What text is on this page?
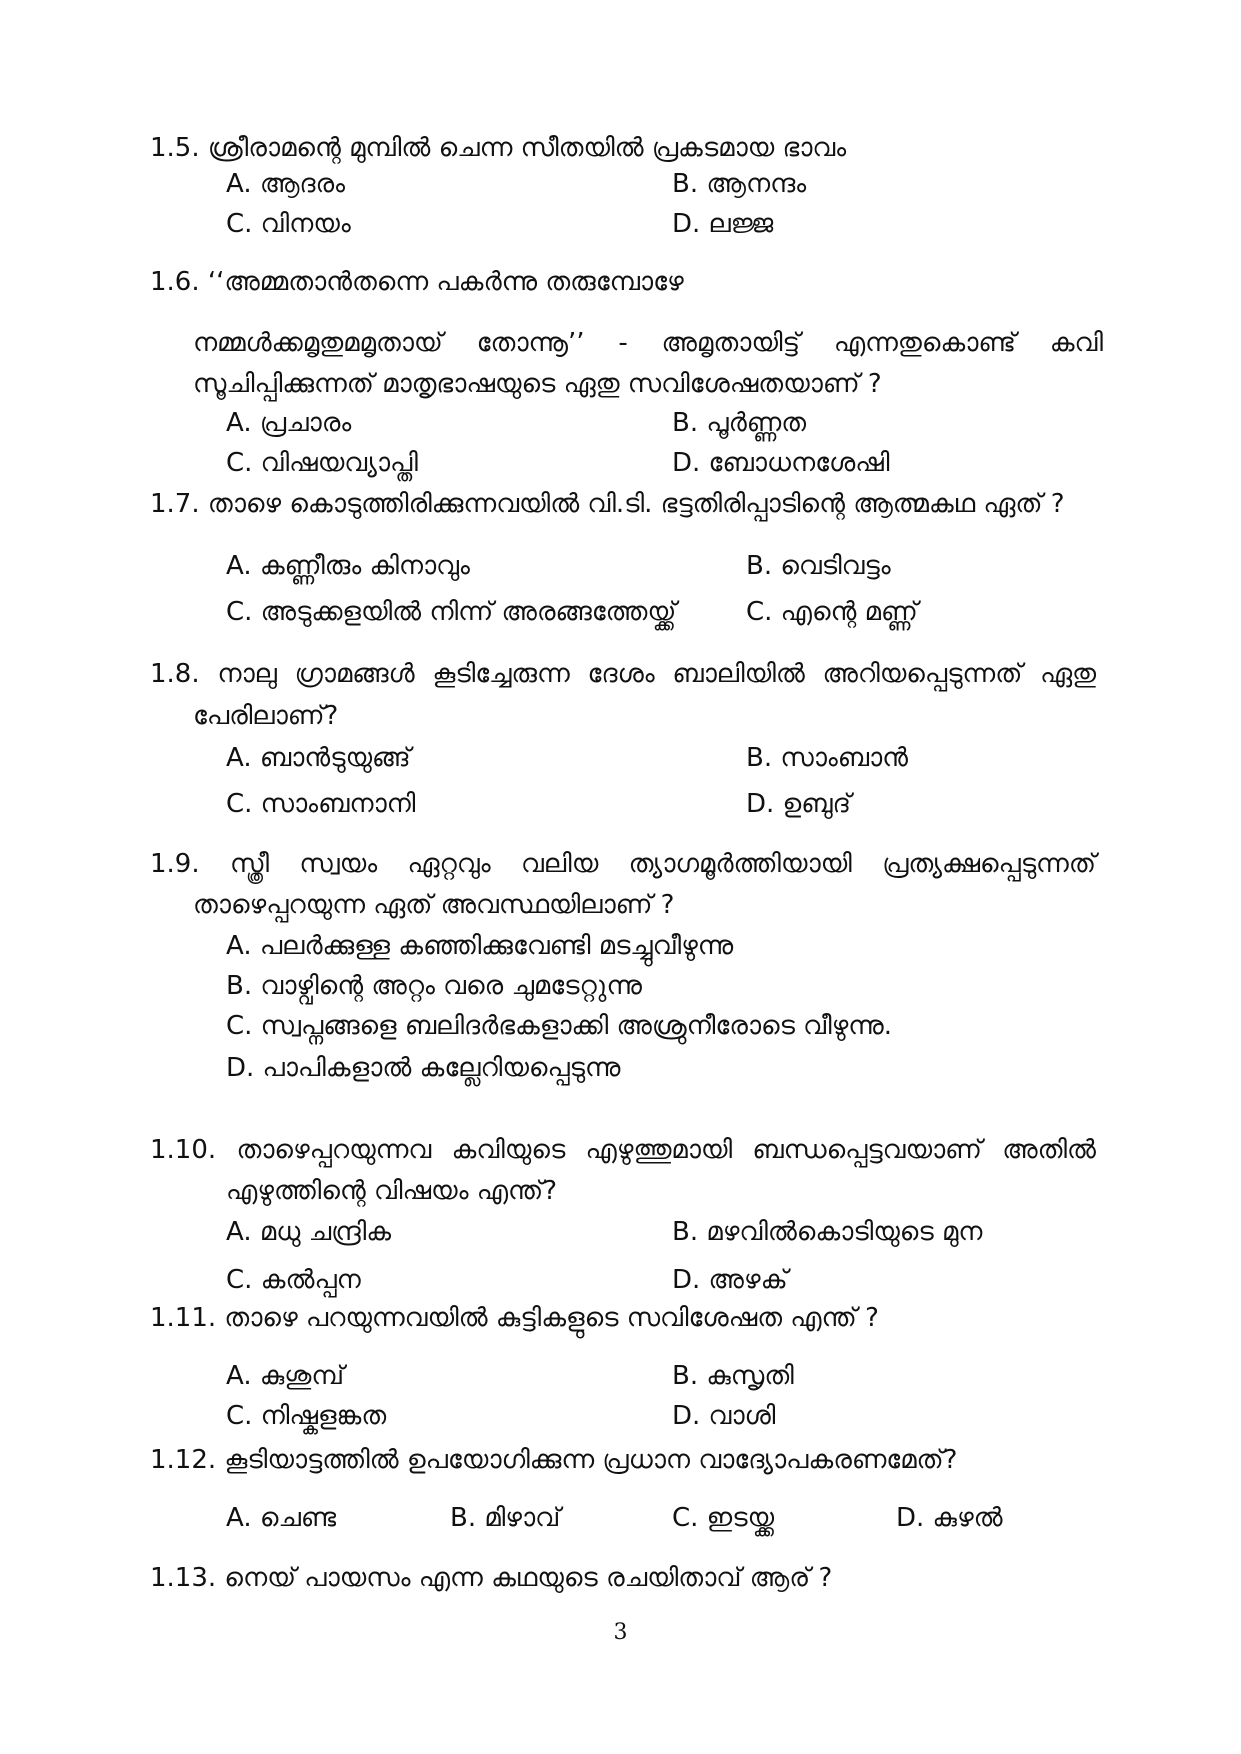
1.5. ശ്രീരാമന്റെ മുമ്പിൽ ചെന്ന സീതയിൽ പ്രകടമായ ഭാവം
A. ആദരം	B. ആനന്ദം
C. വിനയം	D. ലജ്ജ
1.6. ‘‘അമ്മതാൻതന്നെ പകർന്നു തരുമ്പോഴേ
നമ്മൾക്കമൃതുമമൃതായ് തോന്നൂ’’ - അമൃതായിട്ട് എന്നതുകൊണ്ട് കവി
സൂചിപ്പിക്കുന്നത് മാതൃഭാഷയുടെ ഏതു സവിശേഷതയാണ് ?
A. പ്രചാരം	B. പൂർണ്ണത
C. വിഷയവ്യാപ്തി	D. ബോധനശേഷി
1.7. താഴെ കൊടുത്തിരിക്കുന്നവയിൽ വി.ടി. ഭട്ടതിരിപ്പാടിന്റെ ആത്മകഥ ഏത് ?
A. കണ്ണീരും കിനാവും	B. വെടിവട്ടം
C. അടുക്കളയിൽ നിന്ന് അരങ്ങത്തേയ്ക്ക്	C. എന്റെ മണ്ണ്
1.8. നാലു ഗ്രാമങ്ങൾ കൂടിച്ചേരുന്ന ദേശം ബാലിയിൽ അറിയപ്പെടുന്നത് ഏതു
പേരിലാണ്?
A. ബാൻടുയുങ്ങ്	B. സാംബാൻ
C. സാംബനാനി	D. ഉബുദ്
1.9. സ്ത്രീ സ്വയം ഏറ്റവും വലിയ ത്യാഗമൂർത്തിയായി പ്രത്യക്ഷപ്പെടുന്നത്
താഴെപ്പറയുന്ന ഏത് അവസ്ഥയിലാണ് ?
A. പലർക്കുള്ള കഞ്ഞിക്കുവേണ്ടി മടച്ചുവീഴുന്നു
B. വാഴ്വിന്റെ അറ്റം വരെ ചുമടേറ്റുന്നു
C. സ്വപ്നങ്ങളെ ബലിദർഭകളാക്കി അശ്രുനീരോടെ വീഴുന്നു.
D. പാപികളാൽ കല്ലേറിയപ്പെടുന്നു
1.10. താഴെപ്പറയുന്നവ കവിയുടെ എഴുത്തുമായി ബന്ധപ്പെട്ടവയാണ് അതിൽ
എഴുത്തിന്റെ വിഷയം എന്ത്?
A. മധു ചന്ദ്രിക	B. മഴവിൽകൊടിയുടെ മുന
C. കൽപ്പന	D. അഴക്
1.11. താഴെ പറയുന്നവയിൽ കുട്ടികളുടെ സവിശേഷത എന്ത് ?
A. കുശുമ്പ്	B. കുസൃതി
C. നിഷ്കളങ്കത	D. വാശി
1.12. കൂടിയാട്ടത്തിൽ ഉപയോഗിക്കുന്ന പ്രധാന വാദ്യോപകരണമേത്?
A. ചെണ്ട	B. മിഴാവ്	C. ഇടയ്ക്ക	D. കുഴൽ
1.13. നെയ് പായസം എന്ന കഥയുടെ രചയിതാവ് ആര് ?
3
